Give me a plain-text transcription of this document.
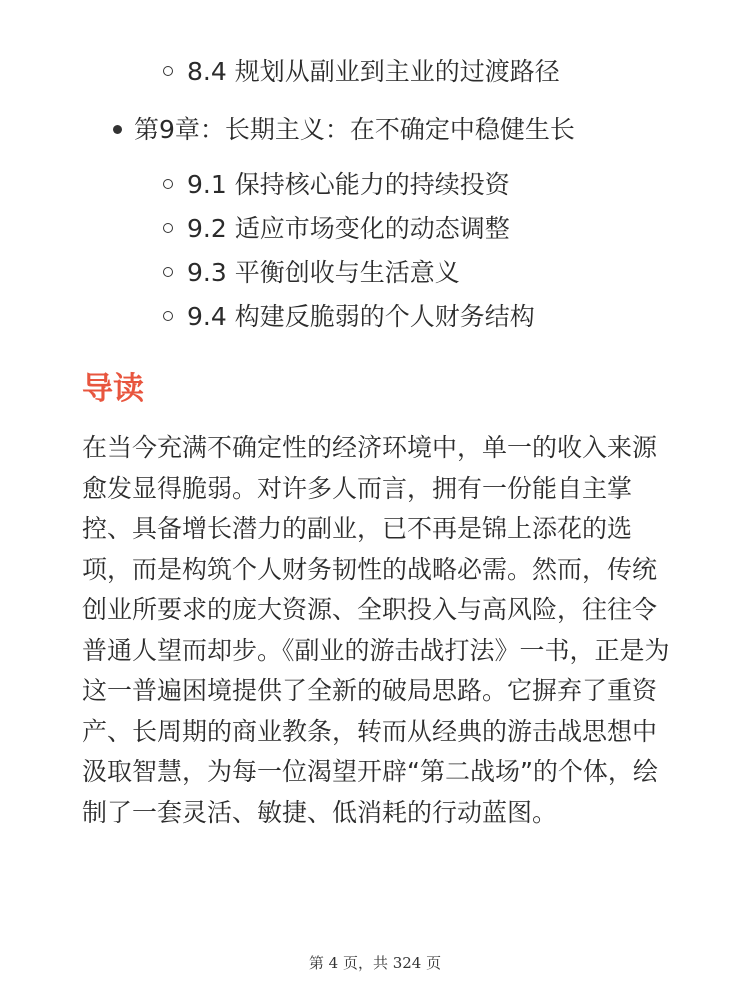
8.4 规划从副业到主业的过渡路径
第9章：长期主义：在不确定中稳健生长
9.1 保持核心能力的持续投资
9.2 适应市场变化的动态调整
9.3 平衡创收与生活意义
9.4 构建反脆弱的个人财务结构
导读

在当今充满不确定性的经济环境中，单一的收入来源愈发显得脆弱。对许多人而言，拥有一份能自主掌控、具备增长潜力的副业，已不再是锦上添花的选项，而是构筑个人财务韧性的战略必需。然而，传统创业所要求的庞大资源、全职投入与高风险，往往令普通人望而却步。《副业的游击战打法》一书，正是为这一普遍困境提供了全新的破局思路。它摒弃了重资产、长周期的商业教条，转而从经典的游击战思想中汲取智慧，为每一位渴望开辟“第二战场”的个体，绘制了一套灵活、敏捷、低消耗的行动蓝图。

第 4 页，共 324 页
